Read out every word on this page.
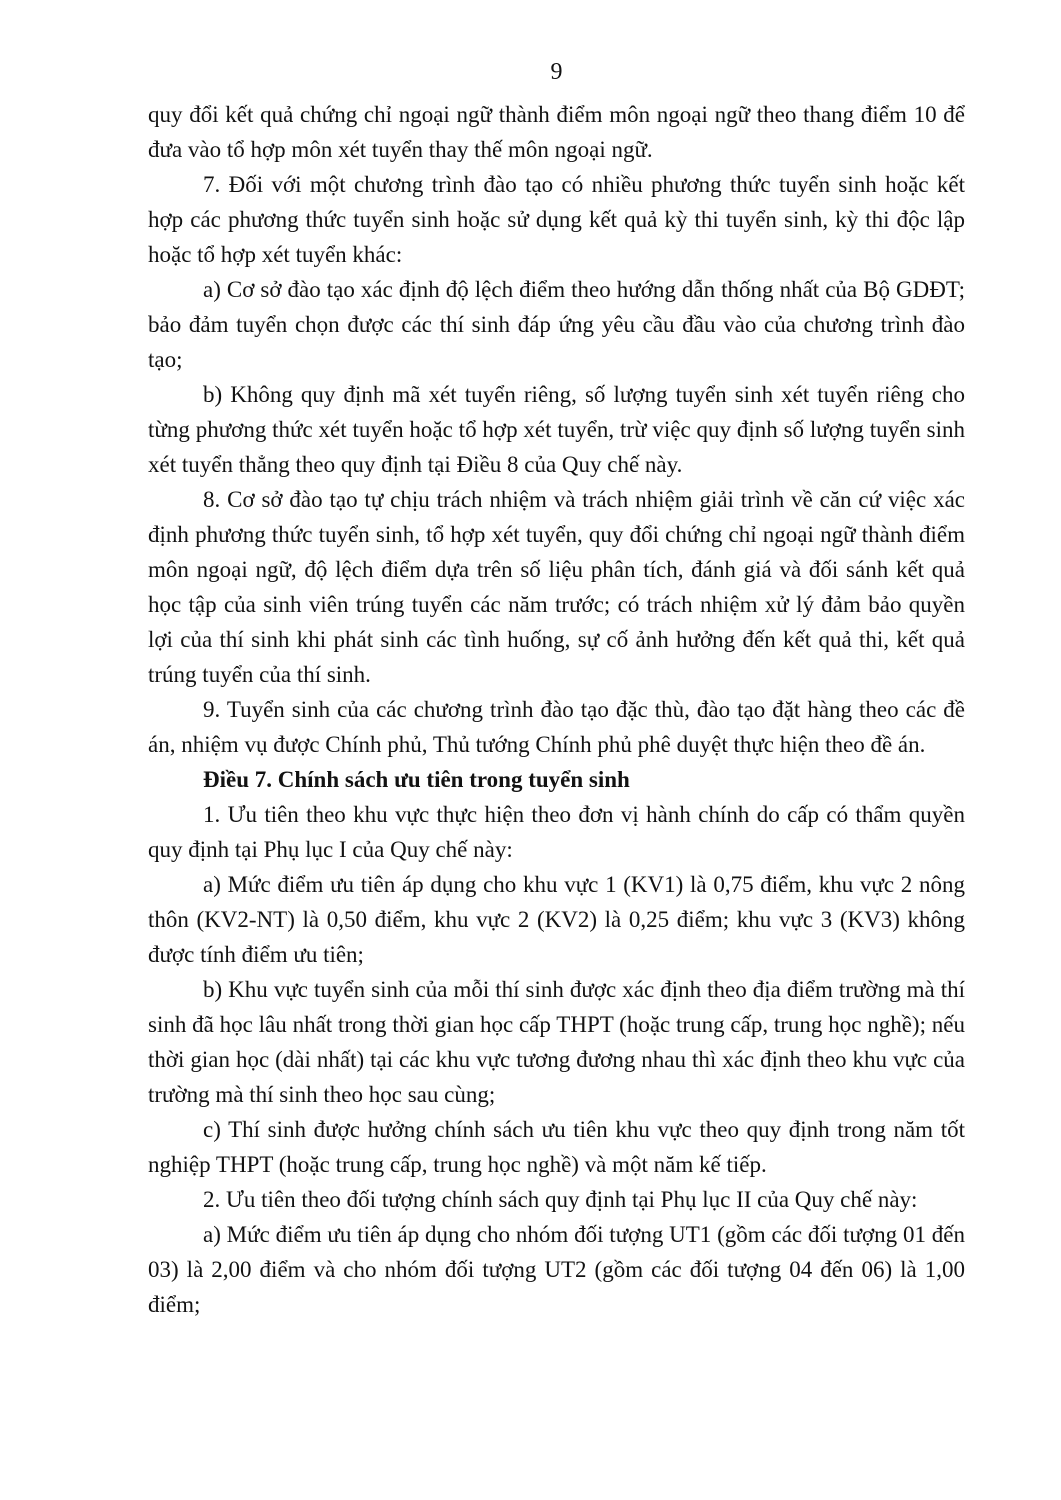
9

quy đổi kết quả chứng chỉ ngoại ngữ thành điểm môn ngoại ngữ theo thang điểm 10 để đưa vào tổ hợp môn xét tuyển thay thế môn ngoại ngữ.

7. Đối với một chương trình đào tạo có nhiều phương thức tuyển sinh hoặc kết hợp các phương thức tuyển sinh hoặc sử dụng kết quả kỳ thi tuyển sinh, kỳ thi độc lập hoặc tổ hợp xét tuyển khác:

a) Cơ sở đào tạo xác định độ lệch điểm theo hướng dẫn thống nhất của Bộ GDĐT; bảo đảm tuyển chọn được các thí sinh đáp ứng yêu cầu đầu vào của chương trình đào tạo;

b) Không quy định mã xét tuyển riêng, số lượng tuyển sinh xét tuyển riêng cho từng phương thức xét tuyển hoặc tổ hợp xét tuyển, trừ việc quy định số lượng tuyển sinh xét tuyển thẳng theo quy định tại Điều 8 của Quy chế này.

8. Cơ sở đào tạo tự chịu trách nhiệm và trách nhiệm giải trình về căn cứ việc xác định phương thức tuyển sinh, tổ hợp xét tuyển, quy đổi chứng chỉ ngoại ngữ thành điểm môn ngoại ngữ, độ lệch điểm dựa trên số liệu phân tích, đánh giá và đối sánh kết quả học tập của sinh viên trúng tuyển các năm trước; có trách nhiệm xử lý đảm bảo quyền lợi của thí sinh khi phát sinh các tình huống, sự cố ảnh hưởng đến kết quả thi, kết quả trúng tuyển của thí sinh.

9. Tuyển sinh của các chương trình đào tạo đặc thù, đào tạo đặt hàng theo các đề án, nhiệm vụ được Chính phủ, Thủ tướng Chính phủ phê duyệt thực hiện theo đề án.

Điều 7. Chính sách ưu tiên trong tuyển sinh

1. Ưu tiên theo khu vực thực hiện theo đơn vị hành chính do cấp có thẩm quyền quy định tại Phụ lục I của Quy chế này:

a) Mức điểm ưu tiên áp dụng cho khu vực 1 (KV1) là 0,75 điểm, khu vực 2 nông thôn (KV2-NT) là 0,50 điểm, khu vực 2 (KV2) là 0,25 điểm; khu vực 3 (KV3) không được tính điểm ưu tiên;

b) Khu vực tuyển sinh của mỗi thí sinh được xác định theo địa điểm trường mà thí sinh đã học lâu nhất trong thời gian học cấp THPT (hoặc trung cấp, trung học nghề); nếu thời gian học (dài nhất) tại các khu vực tương đương nhau thì xác định theo khu vực của trường mà thí sinh theo học sau cùng;

c) Thí sinh được hưởng chính sách ưu tiên khu vực theo quy định trong năm tốt nghiệp THPT (hoặc trung cấp, trung học nghề) và một năm kế tiếp.

2. Ưu tiên theo đối tượng chính sách quy định tại Phụ lục II của Quy chế này:

a) Mức điểm ưu tiên áp dụng cho nhóm đối tượng UT1 (gồm các đối tượng 01 đến 03) là 2,00 điểm và cho nhóm đối tượng UT2 (gồm các đối tượng 04 đến 06) là 1,00 điểm;
